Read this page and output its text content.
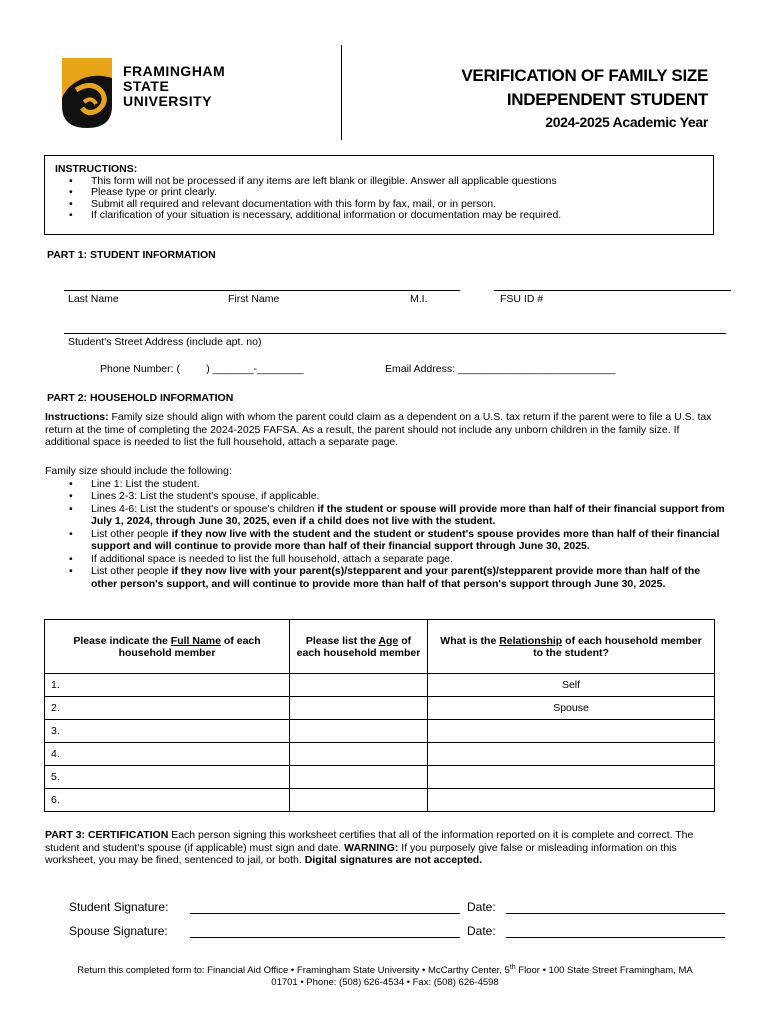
FRAMINGHAM
STATE
UNIVERSITY
VERIFICATION OF FAMILY SIZE
INDEPENDENT STUDENT
2024-2025 Academic Year
INSTRUCTIONS:
• This form will not be processed if any items are left blank or illegible. Answer all applicable questions
• Please type or print clearly.
• Submit all required and relevant documentation with this form by fax, mail, or in person.
• If clarification of your situation is necessary, additional information or documentation may be required.
PART 1: STUDENT INFORMATION
Last Name	First Name	M.I.	FSU ID #
Student's Street Address (include apt. no)
Phone Number: (         ) _______-________	Email Address: ___________________________
PART 2: HOUSEHOLD INFORMATION
Instructions: Family size should align with whom the parent could claim as a dependent on a U.S. tax return if the parent were to file a U.S. tax return at the time of completing the 2024-2025 FAFSA. As a result, the parent should not include any unborn children in the family size. If additional space is needed to list the full household, attach a separate page.
Family size should include the following:
• Line 1: List the student.
• Lines 2-3: List the student's spouse, if applicable.
• Lines 4-6: List the student's or spouse's children if the student or spouse will provide more than half of their financial support from July 1, 2024, through June 30, 2025, even if a child does not live with the student.
• List other people if they now live with the student and the student or student's spouse provides more than half of their financial support and will continue to provide more than half of their financial support through June 30, 2025.
• If additional space is needed to list the full household, attach a separate page.
• List other people if they now live with your parent(s)/stepparent and your parent(s)/stepparent provide more than half of the other person's support, and will continue to provide more than half of that person's support through June 30, 2025.
Please indicate the Full Name of each household member	Please list the Age of each household member	What is the Relationship of each household member to the student?
1.		Self
2.		Spouse
3.		
4.		
5.		
6.		
PART 3: CERTIFICATION Each person signing this worksheet certifies that all of the information reported on it is complete and correct. The student and student's spouse (if applicable) must sign and date. WARNING: If you purposely give false or misleading information on this worksheet, you may be fined, sentenced to jail, or both. Digital signatures are not accepted.
Student Signature:	Date:
Spouse Signature:	Date:
Return this completed form to: Financial Aid Office • Framingham State University • McCarthy Center, 5th Floor • 100 State Street Framingham, MA
01701 • Phone: (508) 626-4534 • Fax: (508) 626-4598
